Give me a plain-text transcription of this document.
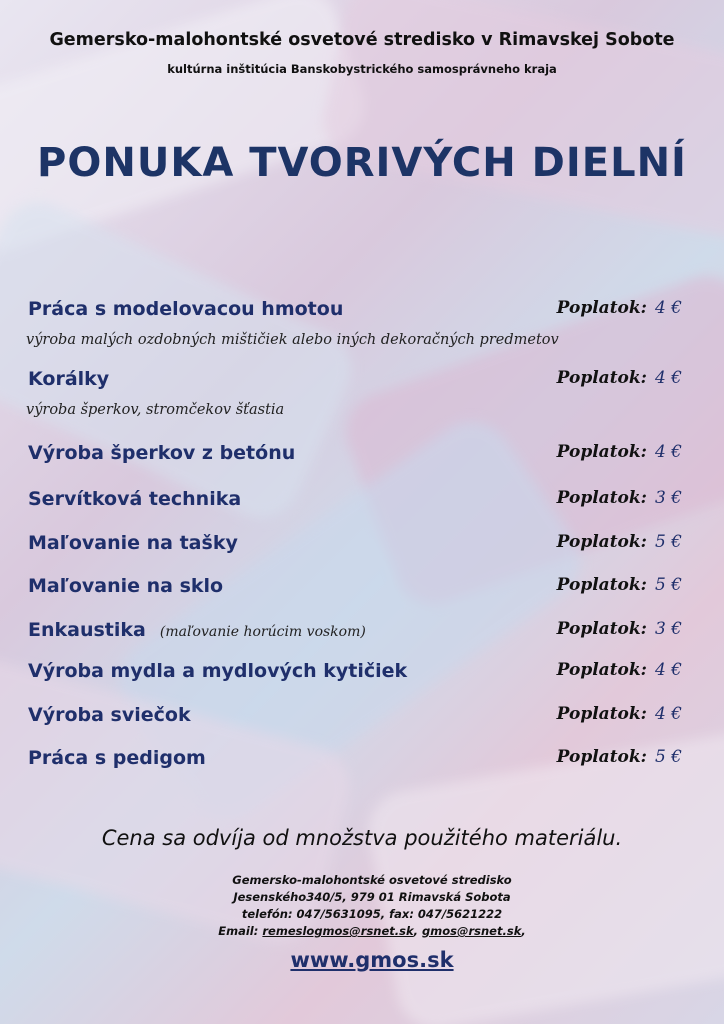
Gemersko-malohontské osvetové stredisko v Rimavskej Sobote
kultúrna inštitúcia Banskobystrického samosprávneho kraja
PONUKA TVORIVÝCH DIELNÍ
Práca s modelovacou hmotou	Poplatok: 4 €
výroba malých ozdobných mištičiek alebo iných dekoračných predmetov
Korálky	Poplatok: 4 €
výroba šperkov, stromčekov šťastia
Výroba šperkov z betónu	Poplatok: 4 €
Servítková technika	Poplatok: 3 €
Maľovanie na tašky	Poplatok: 5 €
Maľovanie na sklo	Poplatok: 5 €
Enkaustika (maľovanie horúcim voskom)	Poplatok: 3 €
Výroba mydla a mydlových kytičiek	Poplatok: 4 €
Výroba sviečok	Poplatok: 4 €
Práca s pedigom	Poplatok: 5 €
Cena sa odvíja od množstva použitého materiálu.
Gemersko-malohontské osvetové stredisko
Jesenského340/5, 979 01 Rimavská Sobota
telefón: 047/5631095, fax: 047/5621222
Email: remeslogmos@rsnet.sk, gmos@rsnet.sk,
www.gmos.sk
